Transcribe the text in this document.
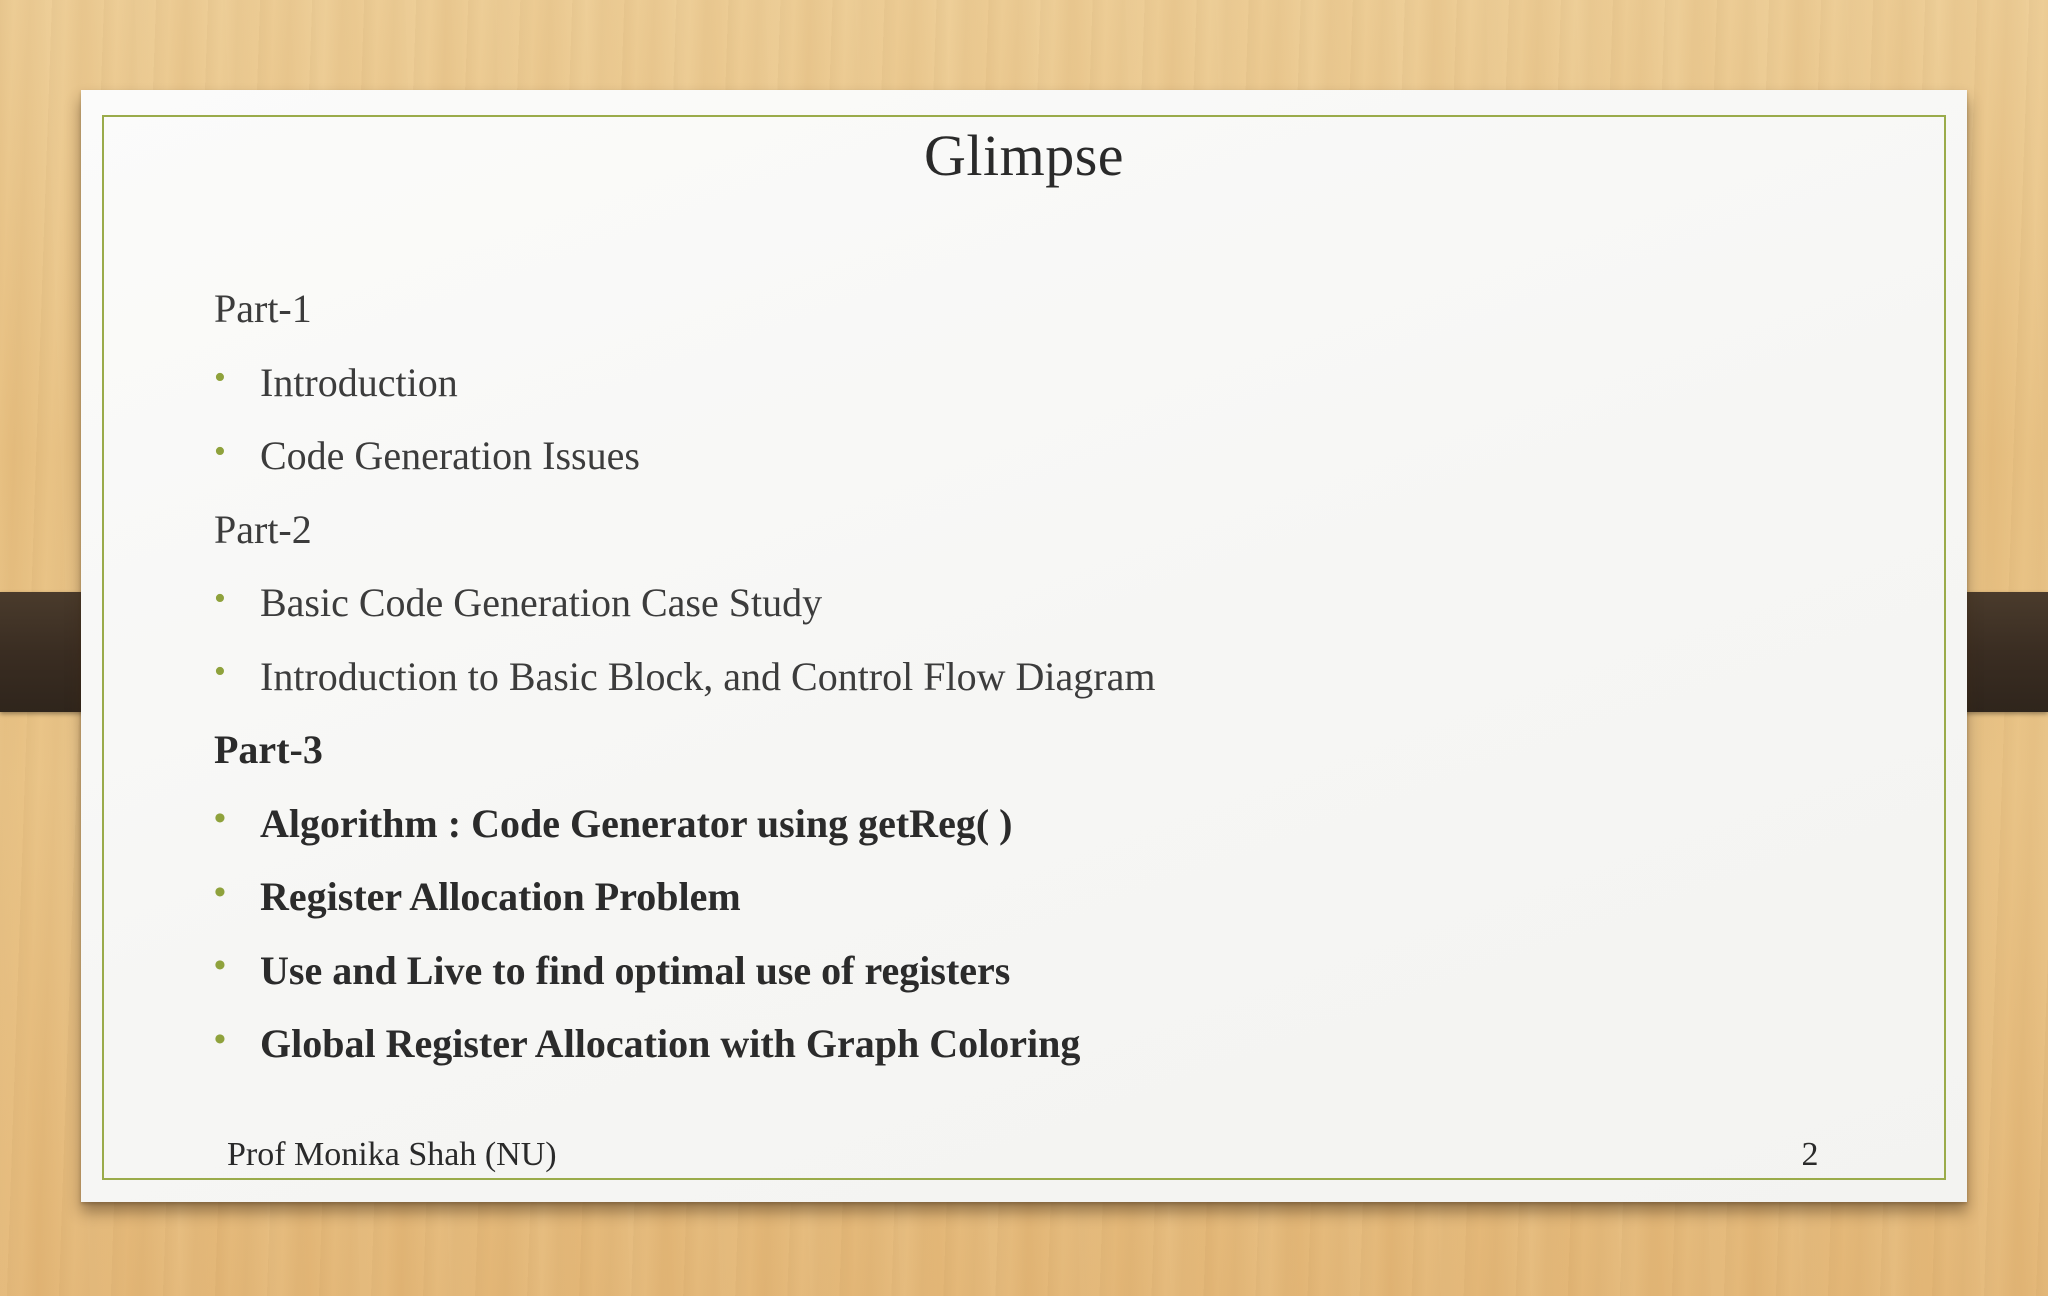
Glimpse
Part-1
• Introduction
• Code Generation Issues
Part-2
• Basic Code Generation Case Study
• Introduction to Basic Block, and Control Flow Diagram
Part-3
• Algorithm : Code Generator using getReg( )
• Register Allocation Problem
• Use and Live to find optimal use of registers
• Global Register Allocation with Graph Coloring
Prof Monika Shah (NU)	2
